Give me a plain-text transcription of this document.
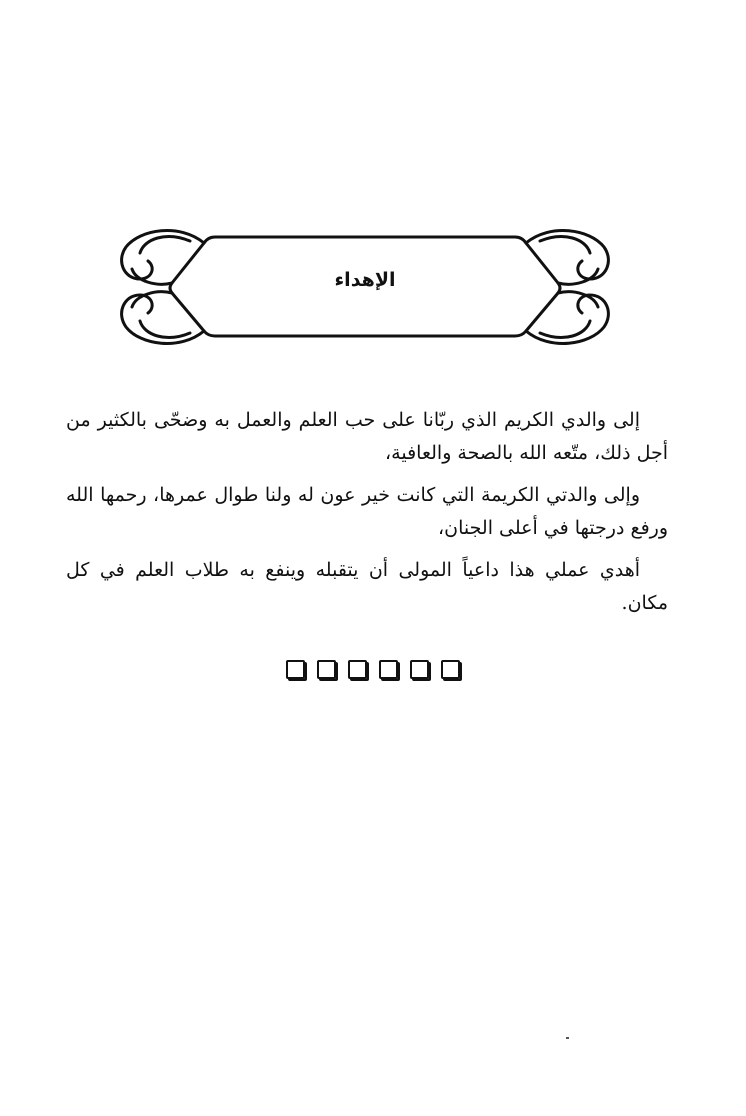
الإهداء

إلى والدي الكريم الذي ربّانا على حب العلم والعمل به وضحّى بالكثير من أجل ذلك، متّعه الله بالصحة والعافية،

وإلى والدتي الكريمة التي كانت خير عون له ولنا طوال عمرها، رحمها الله ورفع درجتها في أعلى الجنان،

أهدي عملي هذا داعياً المولى أن يتقبله وينفع به طلاب العلم في كل مكان.
